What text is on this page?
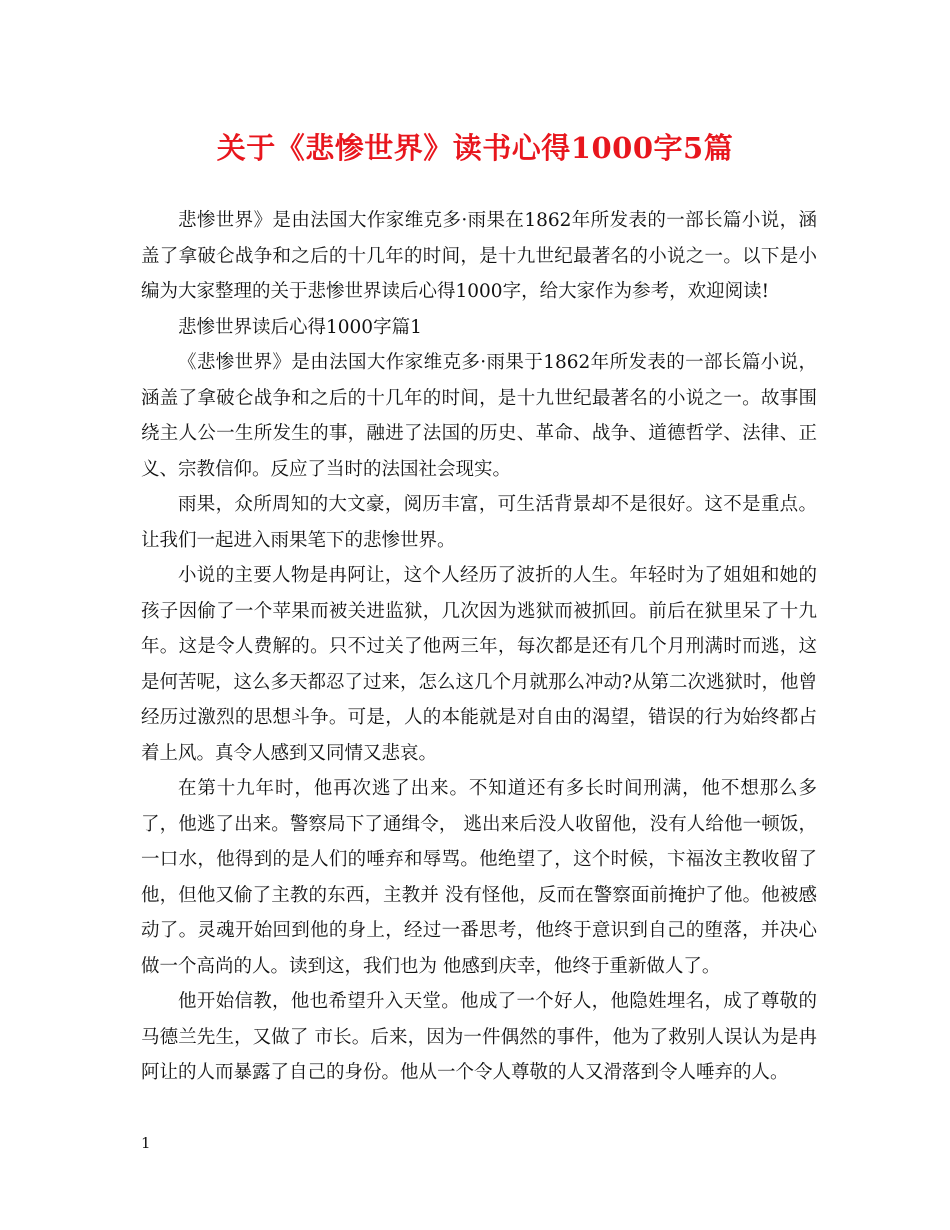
关于《悲惨世界》读书心得1000字5篇

悲惨世界》是由法国大作家维克多·雨果在1862年所发表的一部长篇小说，涵盖了拿破仑战争和之后的十几年的时间，是十九世纪最著名的小说之一。以下是小编为大家整理的关于悲惨世界读后心得1000字，给大家作为参考，欢迎阅读!

悲惨世界读后心得1000字篇1

《悲惨世界》是由法国大作家维克多·雨果于1862年所发表的一部长篇小说，涵盖了拿破仑战争和之后的十几年的时间，是十九世纪最著名的小说之一。故事围绕主人公一生所发生的事，融进了法国的历史、革命、战争、道德哲学、法律、正义、宗教信仰。反应了当时的法国社会现实。

雨果，众所周知的大文豪，阅历丰富，可生活背景却不是很好。这不是重点。让我们一起进入雨果笔下的悲惨世界。

小说的主要人物是冉阿让，这个人经历了波折的人生。年轻时为了姐姐和她的孩子因偷了一个苹果而被关进监狱，几次因为逃狱而被抓回。前后在狱里呆了十九年。这是令人费解的。只不过关了他两三年，每次都是还有几个月刑满时而逃，这是何苦呢，这么多天都忍了过来，怎么这几个月就那么冲动?从第二次逃狱时，他曾经历过激烈的思想斗争。可是，人的本能就是对自由的渴望，错误的行为始终都占着上风。真令人感到又同情又悲哀。

在第十九年时，他再次逃了出来。不知道还有多长时间刑满，他不想那么多了，他逃了出来。警察局下了通缉令， 逃出来后没人收留他，没有人给他一顿饭，一口水，他得到的是人们的唾弃和辱骂。他绝望了，这个时候，卞福汝主教收留了他，但他又偷了主教的东西，主教并 没有怪他，反而在警察面前掩护了他。他被感动了。灵魂开始回到他的身上，经过一番思考，他终于意识到自己的堕落，并决心做一个高尚的人。读到这，我们也为 他感到庆幸，他终于重新做人了。

他开始信教，他也希望升入天堂。他成了一个好人，他隐姓埋名，成了尊敬的马德兰先生，又做了 市长。后来，因为一件偶然的事件，他为了救别人误认为是冉阿让的人而暴露了自己的身份。他从一个令人尊敬的人又滑落到令人唾弃的人。

1
